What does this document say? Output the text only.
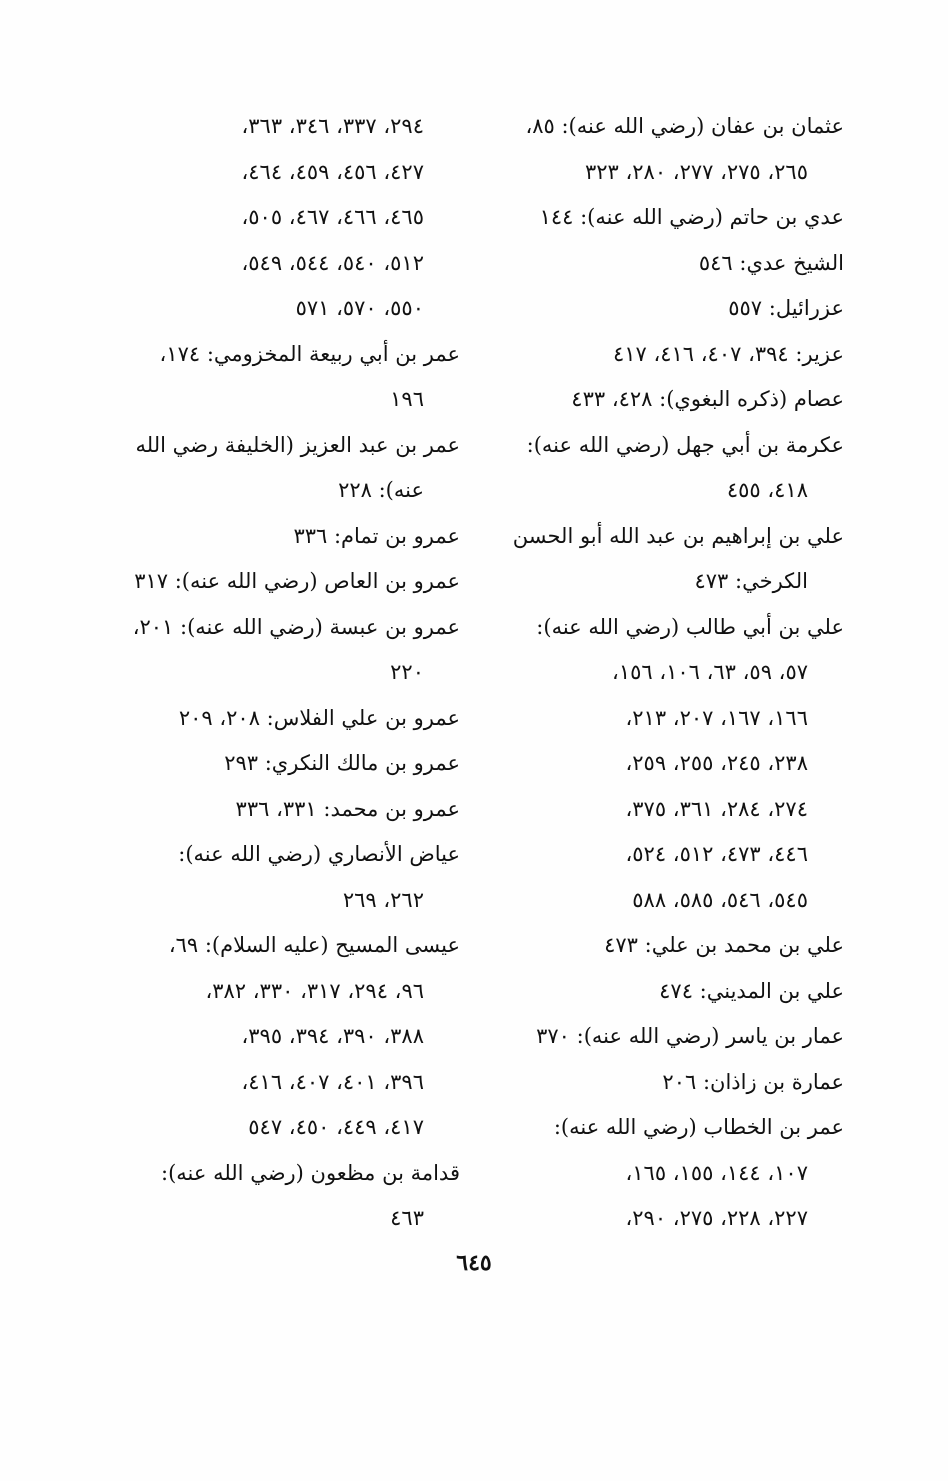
عثمان بن عفان (رضي الله عنه): ٨٥،
٢٦٥، ٢٧٥، ٢٧٧، ٢٨٠، ٣٢٣
عدي بن حاتم (رضي الله عنه): ١٤٤
الشيخ عدي: ٥٤٦
عزرائيل: ٥٥٧
عزير: ٣٩٤، ٤٠٧، ٤١٦، ٤١٧
عصام (ذكره البغوي): ٤٢٨، ٤٣٣
عكرمة بن أبي جهل (رضي الله عنه):
٤١٨، ٤٥٥
علي بن إبراهيم بن عبد الله أبو الحسن
الكرخي: ٤٧٣
علي بن أبي طالب (رضي الله عنه):
٥٧، ٥٩، ٦٣، ١٠٦، ١٥٦،
١٦٦، ١٦٧، ٢٠٧، ٢١٣،
٢٣٨، ٢٤٥، ٢٥٥، ٢٥٩،
٢٧٤، ٢٨٤، ٣٦١، ٣٧٥،
٤٤٦، ٤٧٣، ٥١٢، ٥٢٤،
٥٤٥، ٥٤٦، ٥٨٥، ٥٨٨
علي بن محمد بن علي: ٤٧٣
علي بن المديني: ٤٧٤
عمار بن ياسر (رضي الله عنه): ٣٧٠
عمارة بن زاذان: ٢٠٦
عمر بن الخطاب (رضي الله عنه):
١٠٧، ١٤٤، ١٥٥، ١٦٥،
٢٢٧، ٢٢٨، ٢٧٥، ٢٩٠،
٢٩٤، ٣٣٧، ٣٤٦، ٣٦٣،
٤٢٧، ٤٥٦، ٤٥٩، ٤٦٤،
٤٦٥، ٤٦٦، ٤٦٧، ٥٠٥،
٥١٢، ٥٤٠، ٥٤٤، ٥٤٩،
٥٥٠، ٥٧٠، ٥٧١
عمر بن أبي ربيعة المخزومي: ١٧٤،
١٩٦
عمر بن عبد العزيز (الخليفة رضي الله
عنه): ٢٢٨
عمرو بن تمام: ٣٣٦
عمرو بن العاص (رضي الله عنه): ٣١٧
عمرو بن عبسة (رضي الله عنه): ٢٠١،
٢٢٠
عمرو بن علي الفلاس: ٢٠٨، ٢٠٩
عمرو بن مالك النكري: ٢٩٣
عمرو بن محمد: ٣٣١، ٣٣٦
عياض الأنصاري (رضي الله عنه):
٢٦٢، ٢٦٩
عيسى المسيح (عليه السلام): ٦٩،
٩٦، ٢٩٤، ٣١٧، ٣٣٠، ٣٨٢،
٣٨٨، ٣٩٠، ٣٩٤، ٣٩٥،
٣٩٦، ٤٠١، ٤٠٧، ٤١٦،
٤١٧، ٤٤٩، ٤٥٠، ٥٤٧
قدامة بن مظعون (رضي الله عنه):
٤٦٣
٦٤٥
